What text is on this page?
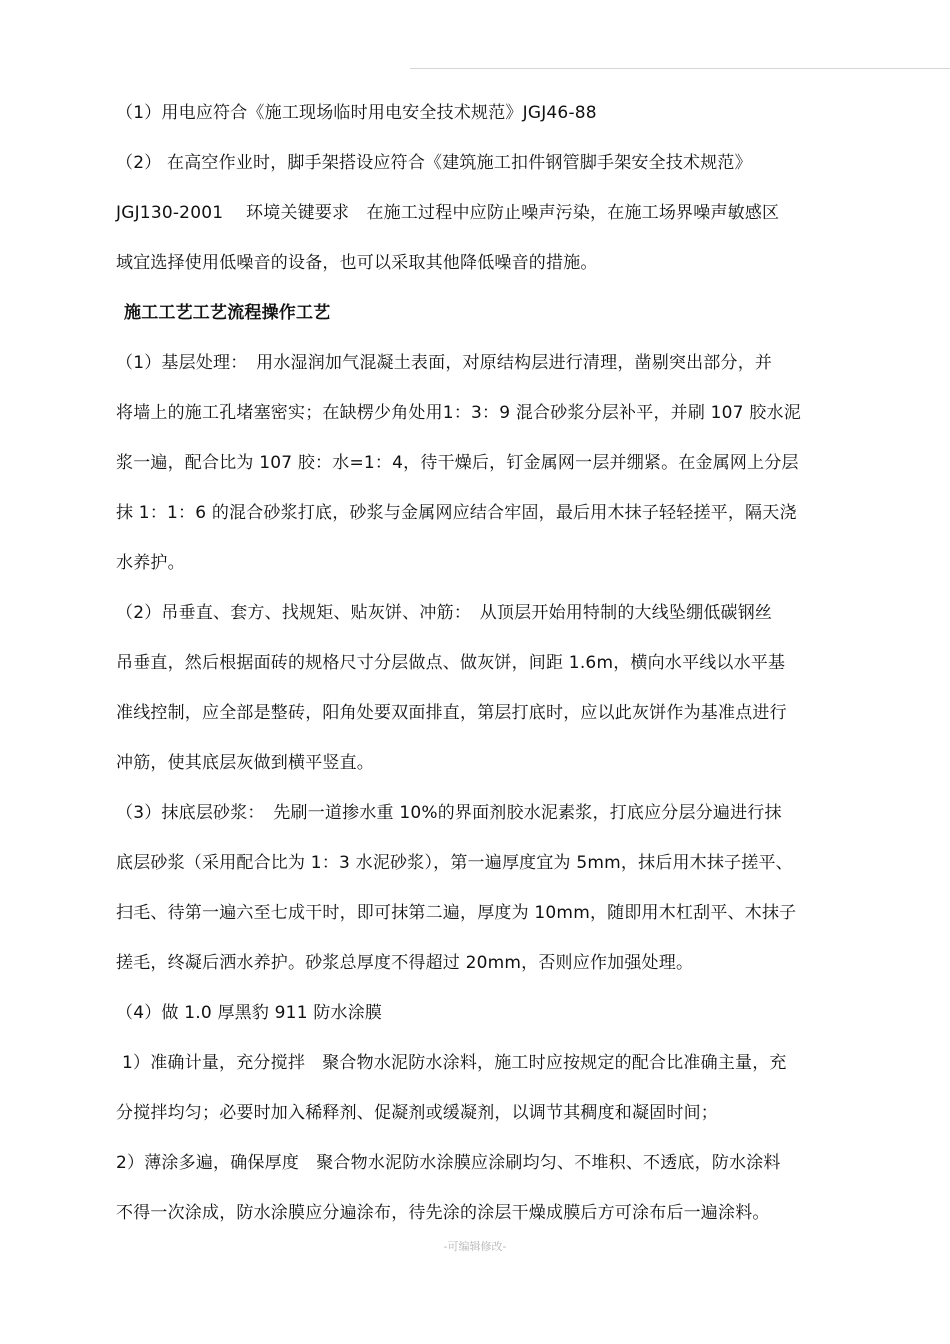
（1）用电应符合《施工现场临时用电安全技术规范》JGJ46-88
（2） 在高空作业时，脚手架搭设应符合《建筑施工扣件钢管脚手架安全技术规范》
JGJ130-2001　 环境关键要求　在施工过程中应防止噪声污染，在施工场界噪声敏感区
域宜选择使用低噪音的设备，也可以采取其他降低噪音的措施。
施工工艺工艺流程操作工艺
（1）基层处理：　用水湿润加气混凝土表面，对原结构层进行清理，凿剔突出部分，并
将墙上的施工孔堵塞密实；在缺楞少角处用1：3：9 混合砂浆分层补平，并刷 107 胶水泥
浆一遍，配合比为 107 胶：水=1：4，待干燥后，钉金属网一层并绷紧。在金属网上分层
抹 1：1：6 的混合砂浆打底，砂浆与金属网应结合牢固，最后用木抹子轻轻搓平，隔天浇
水养护。
（2）吊垂直、套方、找规矩、贴灰饼、冲筋：　从顶层开始用特制的大线坠绷低碳钢丝
吊垂直，然后根据面砖的规格尺寸分层做点、做灰饼，间距 1.6m，横向水平线以水平基
准线控制，应全部是整砖，阳角处要双面排直，第层打底时，应以此灰饼作为基准点进行
冲筋，使其底层灰做到横平竖直。
（3）抹底层砂浆：　先刷一道掺水重 10%的界面剂胶水泥素浆，打底应分层分遍进行抹
底层砂浆（采用配合比为 1：3 水泥砂浆），第一遍厚度宜为 5mm，抹后用木抹子搓平、
扫毛、待第一遍六至七成干时，即可抹第二遍，厚度为 10mm，随即用木杠刮平、木抹子
搓毛，终凝后洒水养护。砂浆总厚度不得超过 20mm，否则应作加强处理。
（4）做 1.0 厚黑豹 911 防水涂膜
1）准确计量，充分搅拌　聚合物水泥防水涂料，施工时应按规定的配合比准确主量，充
分搅拌均匀；必要时加入稀释剂、促凝剂或缓凝剂，以调节其稠度和凝固时间；
2）薄涂多遍，确保厚度　聚合物水泥防水涂膜应涂刷均匀、不堆积、不透底，防水涂料
不得一次涂成，防水涂膜应分遍涂布，待先涂的涂层干燥成膜后方可涂布后一遍涂料。
-可编辑修改-
